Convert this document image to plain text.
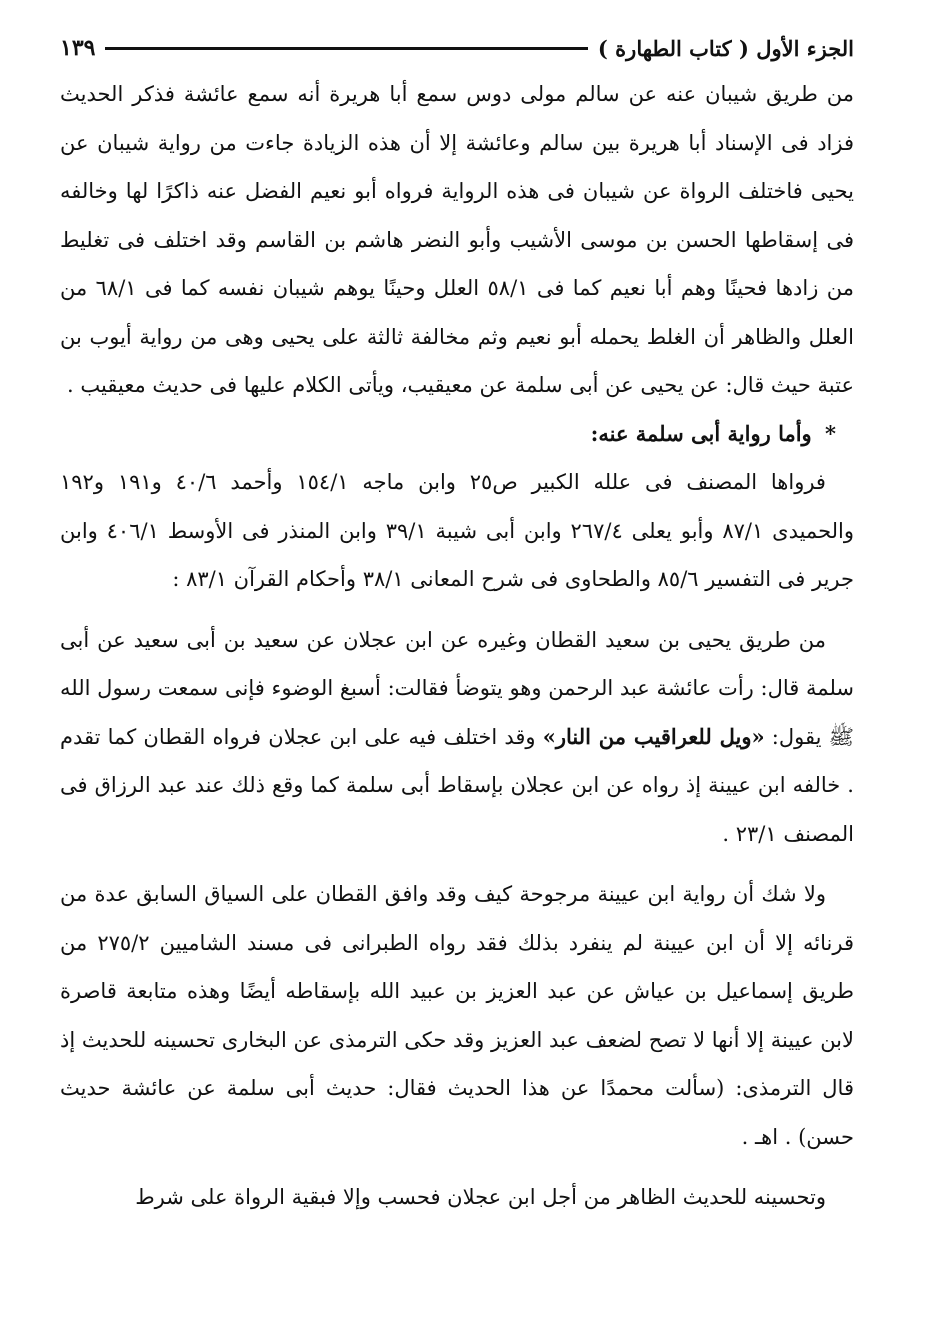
الجزء الأول ( كتاب الطهارة )
١٣٩

من طريق شيبان عنه عن سالم مولى دوس سمع أبا هريرة أنه سمع عائشة فذكر الحديث فزاد فى الإسناد أبا هريرة بين سالم وعائشة إلا أن هذه الزيادة جاءت من رواية شيبان عن يحيى فاختلف الرواة عن شيبان فى هذه الرواية فرواه أبو نعيم الفضل عنه ذاكرًا لها وخالفه فى إسقاطها الحسن بن موسى الأشيب وأبو النضر هاشم بن القاسم وقد اختلف فى تغليط من زادها فحينًا وهم أبا نعيم كما فى ٥٨/١ العلل وحينًا يوهم شيبان نفسه كما فى ٦٨/١ من العلل والظاهر أن الغلط يحمله أبو نعيم وثم مخالفة ثالثة على يحيى وهى من رواية أيوب بن عتبة حيث قال: عن يحيى عن أبى سلمة عن معيقيب، ويأتى الكلام عليها فى حديث معيقيب .

* وأما رواية أبى سلمة عنه:

فرواها المصنف فى علله الكبير ص٢٥ وابن ماجه ١٥٤/١ وأحمد ٤٠/٦ و١٩١ و١٩٢ والحميدى ٨٧/١ وأبو يعلى ٢٦٧/٤ وابن أبى شيبة ٣٩/١ وابن المنذر فى الأوسط ٤٠٦/١ وابن جرير فى التفسير ٨٥/٦ والطحاوى فى شرح المعانى ٣٨/١ وأحكام القرآن ٨٣/١ :

من طريق يحيى بن سعيد القطان وغيره عن ابن عجلان عن سعيد بن أبى سعيد عن أبى سلمة قال: رأت عائشة عبد الرحمن وهو يتوضأ فقالت: أسبغ الوضوء فإنى سمعت رسول الله ﷺ يقول: «ويل للعراقيب من النار» وقد اختلف فيه على ابن عجلان فرواه القطان كما تقدم . خالفه ابن عيينة إذ رواه عن ابن عجلان بإسقاط أبى سلمة كما وقع ذلك عند عبد الرزاق فى المصنف ٢٣/١ .

ولا شك أن رواية ابن عيينة مرجوحة كيف وقد وافق القطان على السياق السابق عدة من قرنائه إلا أن ابن عيينة لم ينفرد بذلك فقد رواه الطبرانى فى مسند الشاميين ٢٧٥/٢ من طريق إسماعيل بن عياش عن عبد العزيز بن عبيد الله بإسقاطه أيضًا وهذه متابعة قاصرة لابن عيينة إلا أنها لا تصح لضعف عبد العزيز وقد حكى الترمذى عن البخارى تحسينه للحديث إذ قال الترمذى: (سألت محمدًا عن هذا الحديث فقال: حديث أبى سلمة عن عائشة حديث حسن) . اهـ .

وتحسينه للحديث الظاهر من أجل ابن عجلان فحسب وإلا فبقية الرواة على شرط
